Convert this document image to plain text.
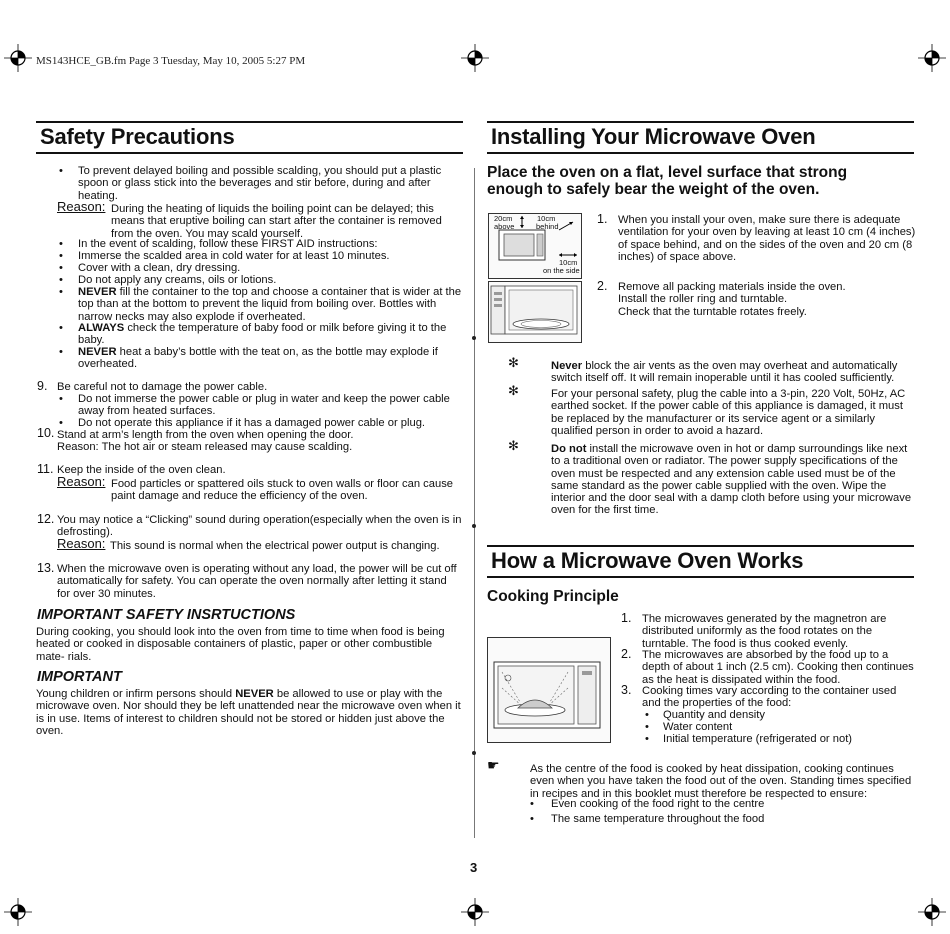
MS143HCE_GB.fm Page 3 Tuesday, May 10, 2005 5:27 PM
Safety Precautions
• To prevent delayed boiling and possible scalding, you should put a plastic spoon or glass stick into the beverages and stir before, during and after heating.

Reason: During the heating of liquids the boiling point can be delayed; this means that eruptive boiling can start after the container is removed from the oven. You may scald yourself.

• In the event of scalding, follow these FIRST AID instructions:

• Immerse the scalded area in cold water for at least 10 minutes.

• Cover with a clean, dry dressing.

• Do not apply any creams, oils or lotions.

• NEVER fill the container to the top and choose a container that is wider at the top than at the bottom to prevent the liquid from boiling over. Bottles with narrow necks may also explode if overheated.

• ALWAYS check the temperature of baby food or milk before giving it to the baby.

• NEVER heat a baby’s bottle with the teat on, as the bottle may explode if overheated.

9. Be careful not to damage the power cable.

• Do not immerse the power cable or plug in water and keep the power cable away from heated surfaces.

• Do not operate this appliance if it has a damaged power cable or plug.

10. Stand at arm’s length from the oven when opening the door.

Reason: The hot air or steam released may cause scalding.

11. Keep the inside of the oven clean.

Reason: Food particles or spattered oils stuck to oven walls or floor can cause paint damage and reduce the efficiency of the oven.

12. You may notice a “Clicking” sound during operation(especially when the oven is in defrosting).

Reason: This sound is normal when the electrical power output is changing.

13. When the microwave oven is operating without any load, the power will be cut off automatically for safety. You can operate the oven normally after letting it stand for over 30 minutes.

IMPORTANT SAFETY INSRTUCTIONS

During cooking, you should look into the oven from time to time when food is being heated or cooked in disposable containers of plastic, paper or other combustible mate- rials.

IMPORTANT

Young children or infirm persons should NEVER be allowed to use or play with the microwave oven. Nor should they be left unattended near the microwave oven when it is in use. Items of interest to children should not be stored or hidden just above the oven.

Installing Your Microwave Oven

Place the oven on a flat, level surface that strong enough to safely bear the weight of the oven.

20cm
above
10cm
behind
10cm
on the side
1. When you install your oven, make sure there is adequate ventilation for your oven by leaving at least 10 cm (4 inches) of space behind, and on the sides of the oven and 20 cm (8 inches) of space above.

2. Remove all packing materials inside the oven.

Install the roller ring and turntable.

Check that the turntable rotates freely.

✻	Never block the air vents as the oven may overheat and automatically switch itself off. It will remain inoperable until it has cooled sufficiently.

✻	For your personal safety, plug the cable into a 3-pin, 220 Volt, 50Hz, AC earthed socket. If the power cable of this appliance is damaged, it must be replaced by the manufacturer or its service agent or a similarly qualified person in order to avoid a hazard.

✻	Do not install the microwave oven in hot or damp surroundings like next to a traditional oven or radiator. The power supply specifications of the oven must be respected and any extension cable used must be of the same standard as the power cable supplied with the oven. Wipe the interior and the door seal with a damp cloth before using your microwave oven for the first time.

How a Microwave Oven Works
Cooking Principle
1. The microwaves generated by the magnetron are distributed uniformly as the food rotates on the turntable. The food is thus cooked evenly.

2. The microwaves are absorbed by the food up to a depth of about 1 inch (2.5 cm). Cooking then continues as the heat is dissipated within the food.

3. Cooking times vary according to the container used and the properties of the food:

• Quantity and density

• Water content

• Initial temperature (refrigerated or not)

☛	As the centre of the food is cooked by heat dissipation, cooking continues even when you have taken the food out of the oven. Standing times specified in recipes and in this booklet must therefore be respected to ensure:

• Even cooking of the food right to the centre

• The same temperature throughout the food

3
